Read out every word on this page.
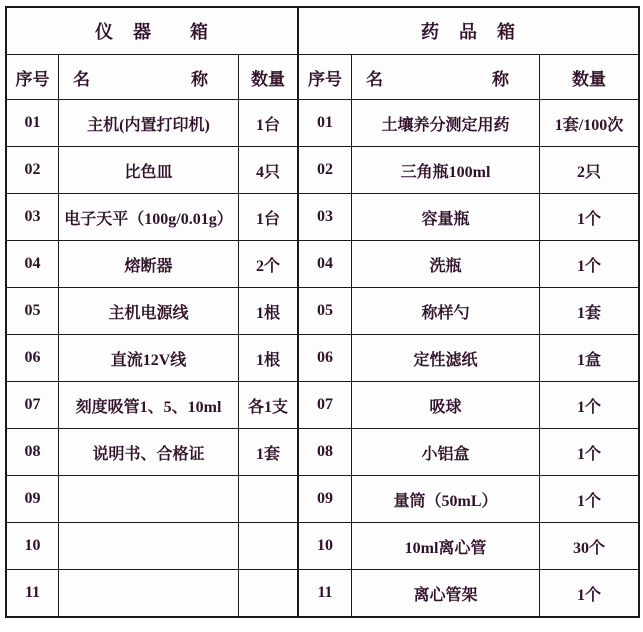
仪　器　　箱
序号	名	称	数量
01	主机(内置打印机)	1台
02	比色皿	4只
03	电子天平（100g/0.01g）	1台
04	熔断器	2个
05	主机电源线	1根
06	直流12V线	1根
07	刻度吸管1、5、10ml	各1支
08	说明书、合格证	1套
09
10
11
药　品　箱
序号	名	称	数量
01	土壤养分测定用药	1套/100次
02	三角瓶100ml	2只
03	容量瓶	1个
04	洗瓶	1个
05	称样勺	1套
06	定性滤纸	1盒
07	吸球	1个
08	小铝盒	1个
09	量筒（50mL）	1个
10	10ml离心管	30个
11	离心管架	1个
